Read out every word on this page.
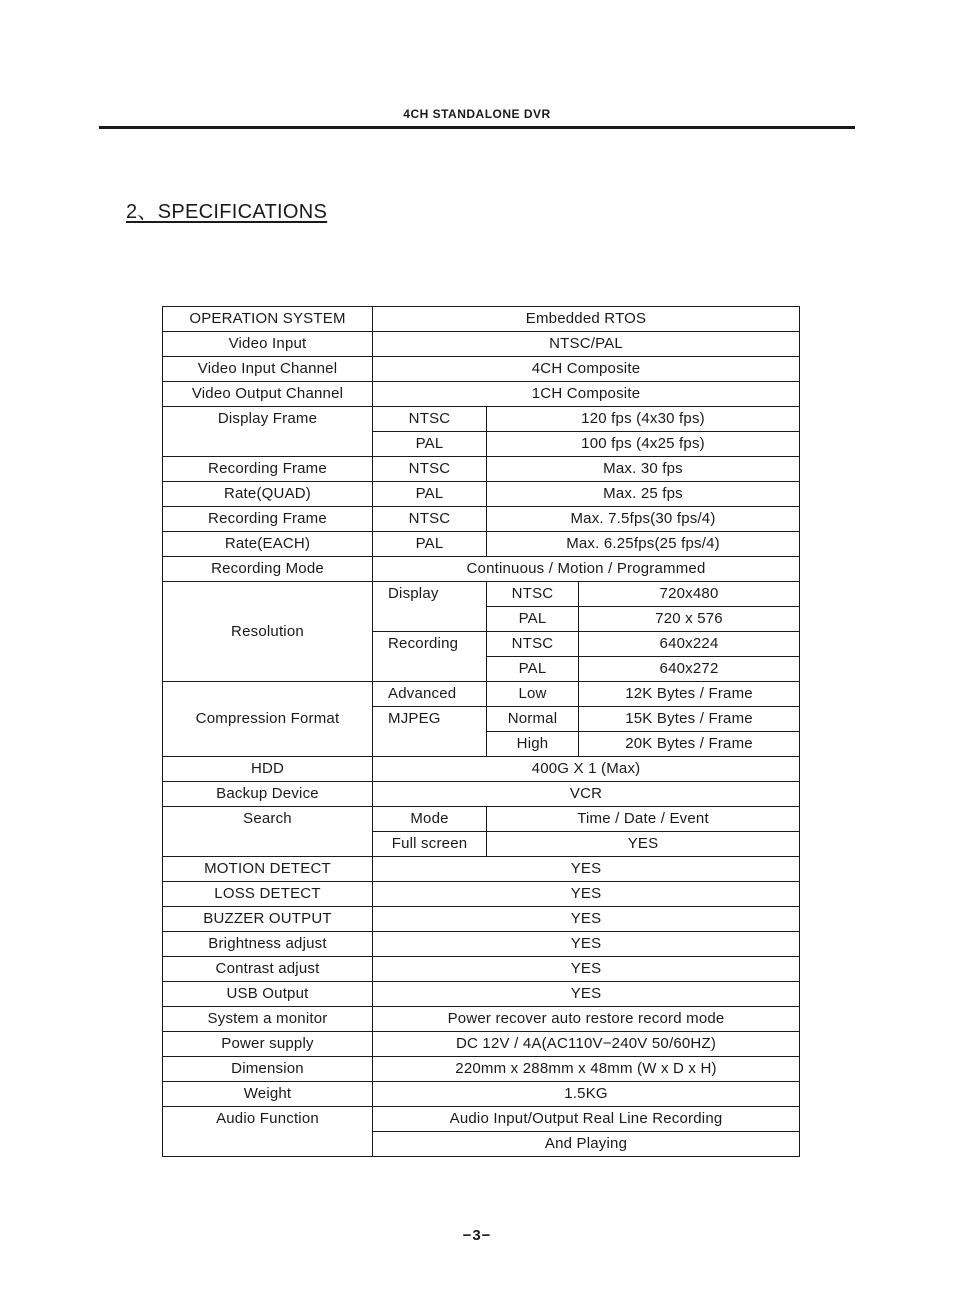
4CH STANDALONE DVR
2、SPECIFICATIONS
OPERATION SYSTEM	Embedded RTOS		
Video Input	NTSC/PAL		
Video Input Channel	4CH Composite		
Video Output Channel	1CH Composite		
Display Frame	NTSC	120 fps (4x30 fps)	
	PAL	100 fps (4x25 fps)	
Recording Frame	NTSC	Max. 30 fps	
Rate(QUAD)	PAL	Max. 25 fps	
Recording Frame	NTSC	Max. 7.5fps(30 fps/4)	
Rate(EACH)	PAL	Max. 6.25fps(25 fps/4)	
Recording Mode	Continuous / Motion / Programmed		
Resolution	Display	NTSC	720x480
		PAL	720 x 576
	Recording	NTSC	640x224
		PAL	640x272
Compression Format	Advanced	Low	12K Bytes / Frame
	MJPEG	Normal	15K Bytes / Frame
		High	20K Bytes / Frame
HDD	400G X 1 (Max)		
Backup Device	VCR		
Search	Mode	Time / Date / Event	
	Full screen	YES	
MOTION DETECT	YES		
LOSS DETECT	YES		
BUZZER OUTPUT	YES		
Brightness adjust	YES		
Contrast adjust	YES		
USB Output	YES		
System a monitor	Power recover auto restore record mode		
Power supply	DC 12V / 4A(AC110V−240V 50/60HZ)		
Dimension	220mm x 288mm x 48mm (W x D x H)		
Weight	1.5KG		
Audio Function	Audio Input/Output Real Line Recording		
	And Playing		
−3−
